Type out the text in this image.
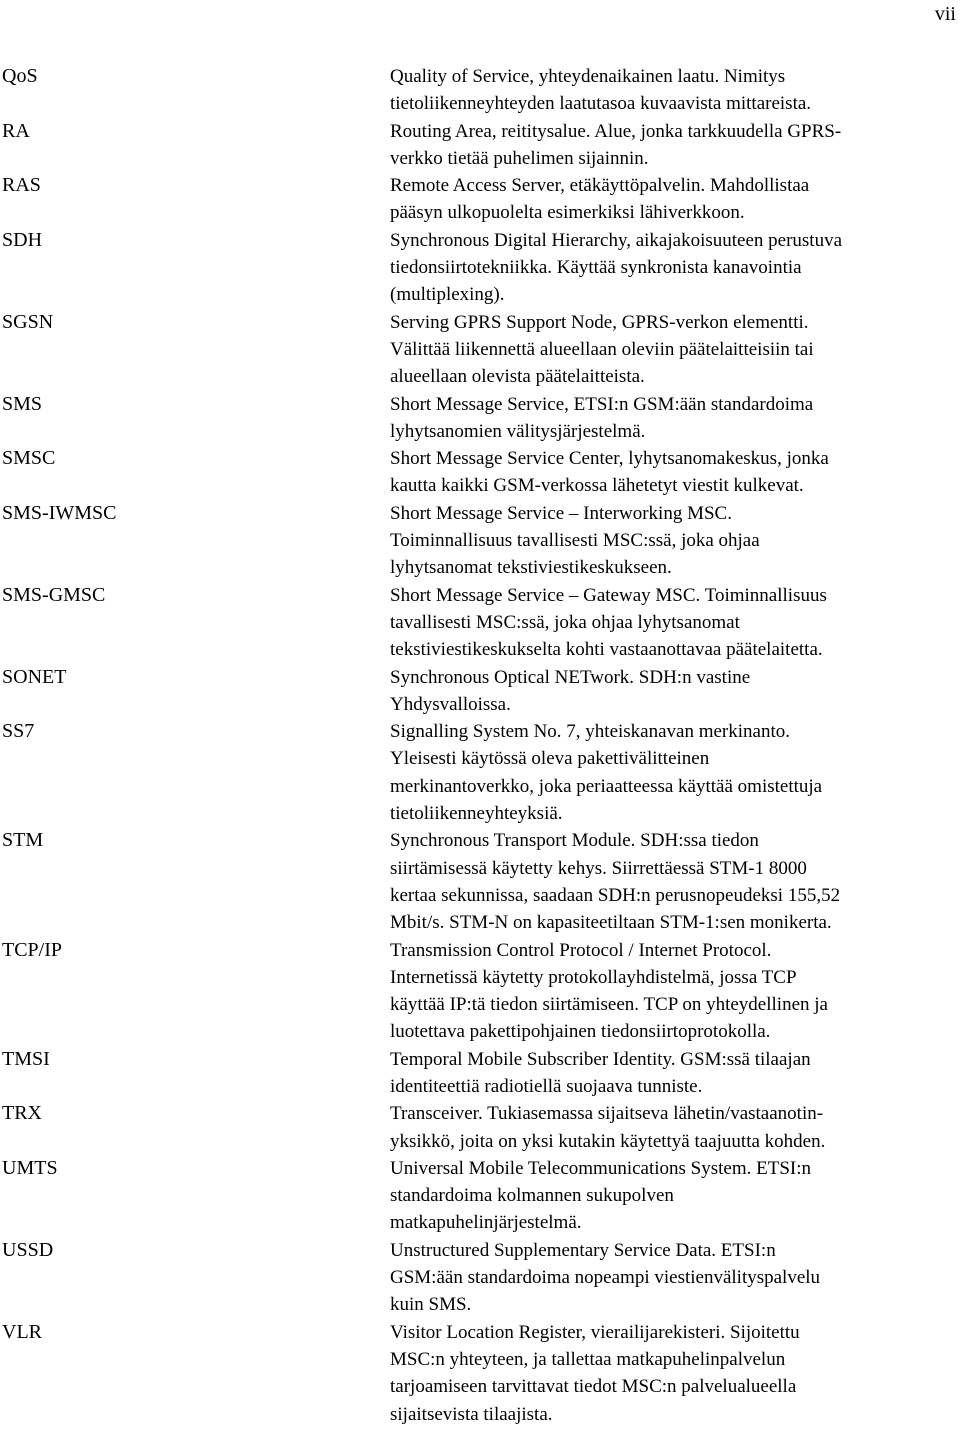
vii
QoS	Quality of Service, yhteydenaikainen laatu. Nimitys
tietoliikenneyhteyden laatutasoa kuvaavista mittareista.
RA	Routing Area, reititysalue. Alue, jonka tarkkuudella GPRS-
verkko tietää puhelimen sijainnin.
RAS	Remote Access Server, etäkäyttöpalvelin. Mahdollistaa
pääsyn ulkopuolelta esimerkiksi lähiverkkoon.
SDH	Synchronous Digital Hierarchy, aikajakoisuuteen perustuva
tiedonsiirtotekniikka. Käyttää synkronista kanavointia
(multiplexing).
SGSN	Serving GPRS Support Node, GPRS-verkon elementti.
Välittää liikennettä alueellaan oleviin päätelaitteisiin tai
alueellaan olevista päätelaitteista.
SMS	Short Message Service, ETSI:n GSM:ään standardoima
lyhytsanomien välitysjärjestelmä.
SMSC	Short Message Service Center, lyhytsanomakeskus, jonka
kautta kaikki GSM-verkossa lähetetyt viestit kulkevat.
SMS-IWMSC	Short Message Service – Interworking MSC.
Toiminnallisuus tavallisesti MSC:ssä, joka ohjaa
lyhytsanomat tekstiviestikeskukseen.
SMS-GMSC	Short Message Service – Gateway MSC. Toiminnallisuus
tavallisesti MSC:ssä, joka ohjaa lyhytsanomat
tekstiviestikeskukselta kohti vastaanottavaa päätelaitetta.
SONET	Synchronous Optical NETwork. SDH:n vastine
Yhdysvalloissa.
SS7	Signalling System No. 7, yhteiskanavan merkinanto.
Yleisesti käytössä oleva pakettivälitteinen
merkinantoverkko, joka periaatteessa käyttää omistettuja
tietoliikenneyhteyksiä.
STM	Synchronous Transport Module. SDH:ssa tiedon
siirtämisessä käytetty kehys. Siirrettäessä STM-1 8000
kertaa sekunnissa, saadaan SDH:n perusnopeudeksi 155,52
Mbit/s. STM-N on kapasiteetiltaan STM-1:sen monikerta.
TCP/IP	Transmission Control Protocol / Internet Protocol.
Internetissä käytetty protokollayhdistelmä, jossa TCP
käyttää IP:tä tiedon siirtämiseen. TCP on yhteydellinen ja
luotettava pakettipohjainen tiedonsiirtoprotokolla.
TMSI	Temporal Mobile Subscriber Identity. GSM:ssä tilaajan
identiteettiä radiotiellä suojaava tunniste.
TRX	Transceiver. Tukiasemassa sijaitseva lähetin/vastaanotin-
yksikkö, joita on yksi kutakin käytettyä taajuutta kohden.
UMTS	Universal Mobile Telecommunications System. ETSI:n
standardoima kolmannen sukupolven
matkapuhelinjärjestelmä.
USSD	Unstructured Supplementary Service Data. ETSI:n
GSM:ään standardoima nopeampi viestienvälityspalvelu
kuin SMS.
VLR	Visitor Location Register, vierailijarekisteri. Sijoitettu
MSC:n yhteyteen, ja tallettaa matkapuhelinpalvelun
tarjoamiseen tarvittavat tiedot MSC:n palvelualueella
sijaitsevista tilaajista.
